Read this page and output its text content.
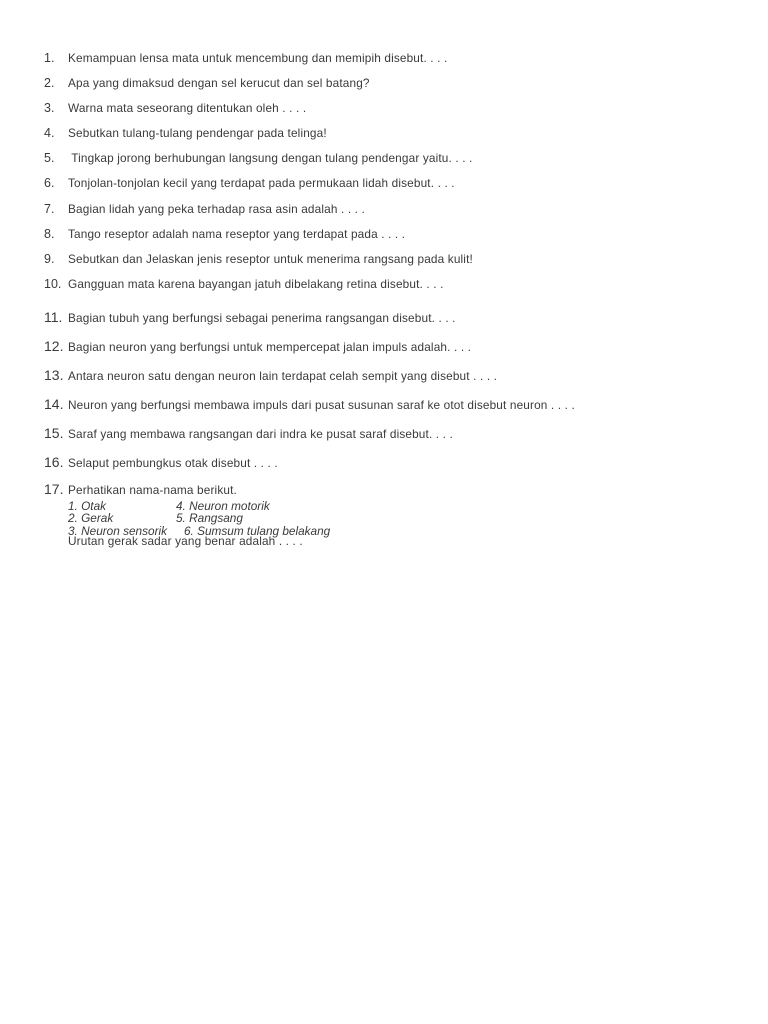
1. Kemampuan lensa mata untuk mencembung dan memipih disebut. . . .
2. Apa yang dimaksud dengan sel kerucut dan sel batang?
3. Warna mata seseorang ditentukan oleh . . . .
4. Sebutkan tulang-tulang pendengar pada telinga!
5. Tingkap jorong berhubungan langsung dengan tulang pendengar yaitu. . . .
6. Tonjolan-tonjolan kecil yang terdapat pada permukaan lidah disebut. . . .
7. Bagian lidah yang peka terhadap rasa asin adalah . . . .
8. Tango reseptor adalah nama reseptor yang terdapat pada . . . .
9. Sebutkan dan Jelaskan jenis reseptor untuk menerima rangsang pada kulit!
10. Gangguan mata karena bayangan jatuh dibelakang retina disebut. . . .
11. Bagian tubuh yang berfungsi sebagai penerima rangsangan disebut. . . .
12. Bagian neuron yang berfungsi untuk mempercepat jalan impuls adalah. . . .
13. Antara neuron satu dengan neuron lain terdapat celah sempit yang disebut . . . .
14. Neuron yang berfungsi membawa impuls dari pusat susunan saraf ke otot disebut neuron . . . .
15. Saraf yang membawa rangsangan dari indra ke pusat saraf disebut. . . .
16. Selaput pembungkus otak disebut . . . .
17. Perhatikan nama-nama berikut.
1. Otak	4. Neuron motorik
2. Gerak	5. Rangsang
3. Neuron sensorik 6. Sumsum tulang belakang
Urutan gerak sadar yang benar adalah . . . .
